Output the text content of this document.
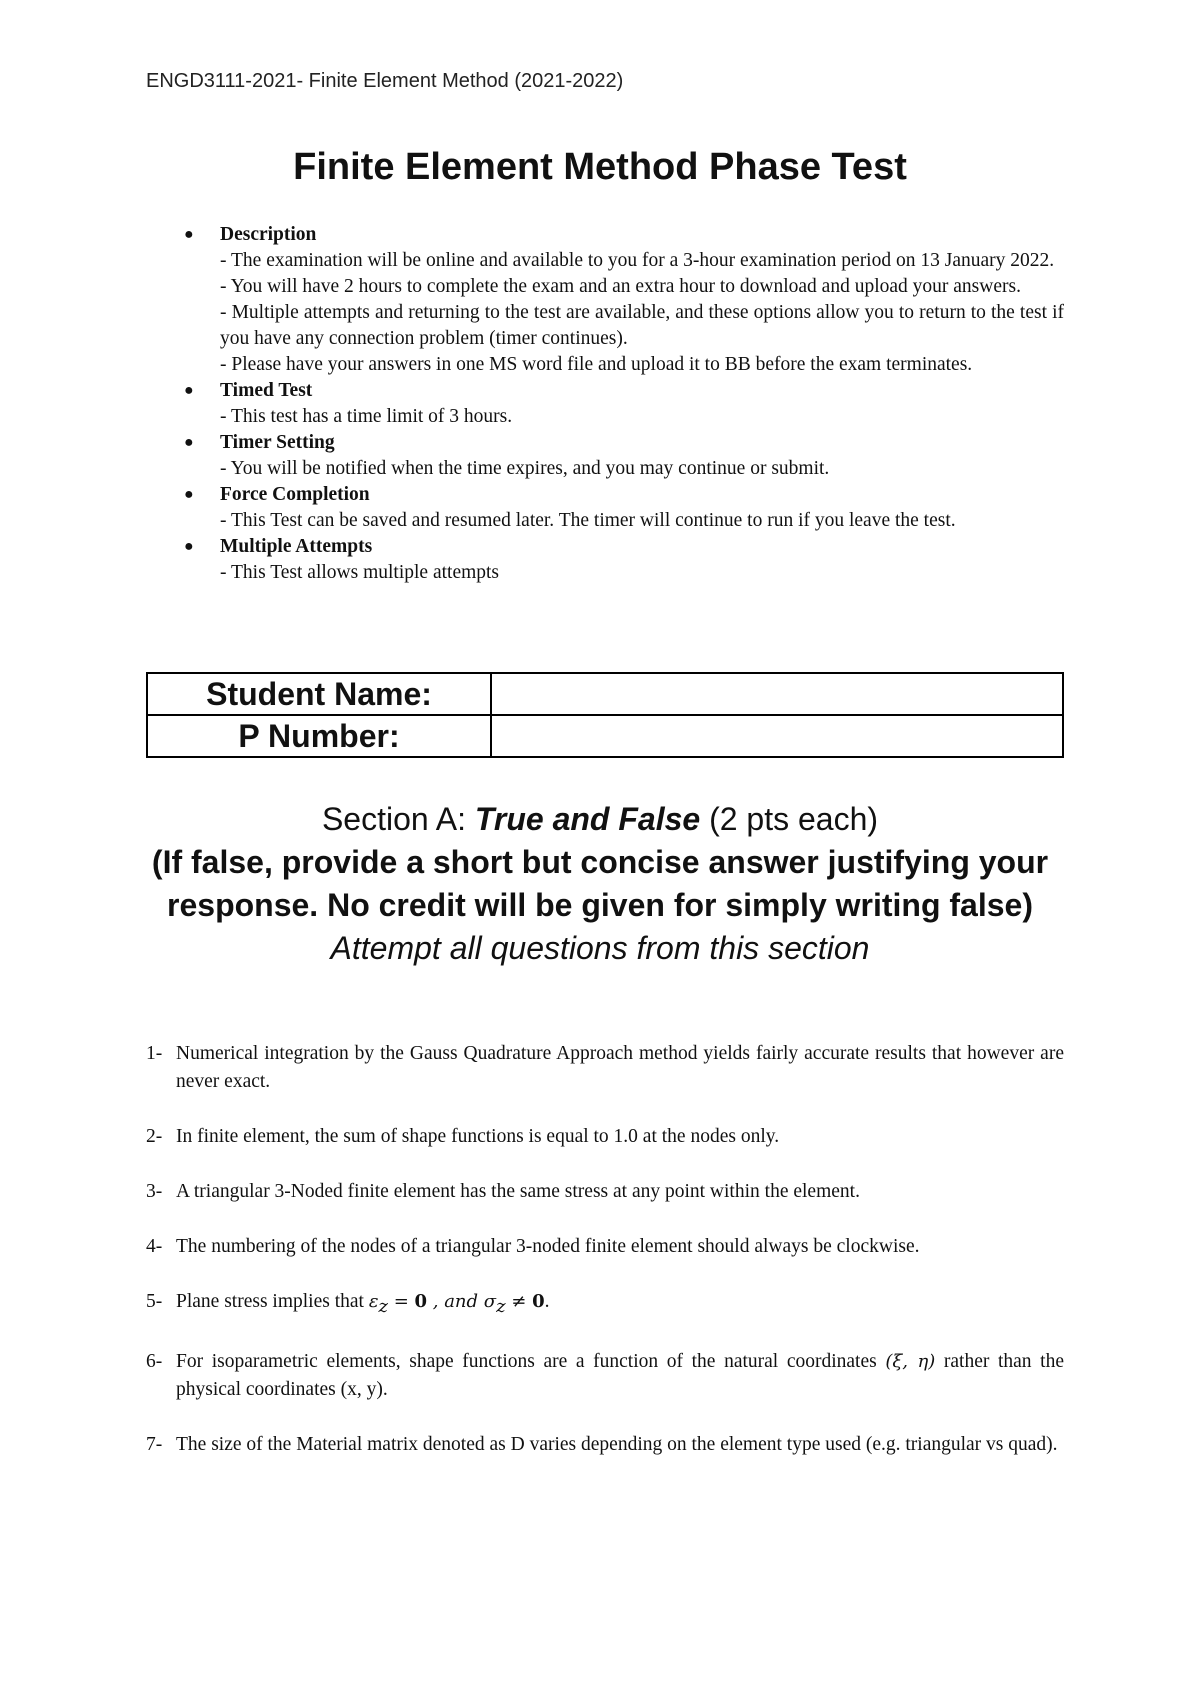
ENGD3111-2021- Finite Element Method (2021-2022)
Finite Element Method Phase Test
● Description
- The examination will be online and available to you for a 3-hour examination period on 13 January 2022.
- You will have 2 hours to complete the exam and an extra hour to download and upload your answers.
- Multiple attempts and returning to the test are available, and these options allow you to return to the test if you have any connection problem (timer continues).
- Please have your answers in one MS word file and upload it to BB before the exam terminates.
● Timed Test
- This test has a time limit of 3 hours.
● Timer Setting
- You will be notified when the time expires, and you may continue or submit.
● Force Completion
- This Test can be saved and resumed later. The timer will continue to run if you leave the test.
● Multiple Attempts
- This Test allows multiple attempts
Student Name:	
P Number:	
Section A: True and False (2 pts each)
(If false, provide a short but concise answer justifying your response. No credit will be given for simply writing false)
Attempt all questions from this section
1- Numerical integration by the Gauss Quadrature Approach method yields fairly accurate results that however are never exact.
2- In finite element, the sum of shape functions is equal to 1.0 at the nodes only.
3- A triangular 3-Noded finite element has the same stress at any point within the element.
4- The numbering of the nodes of a triangular 3-noded finite element should always be clockwise.
5- Plane stress implies that $\varepsilon_z = 0$ , and $\sigma_z \ne 0$.
6- For isoparametric elements, shape functions are a function of the natural coordinates (ξ, η) rather than the physical coordinates (x, y).
7- The size of the Material matrix denoted as D varies depending on the element type used (e.g. triangular vs quad).
